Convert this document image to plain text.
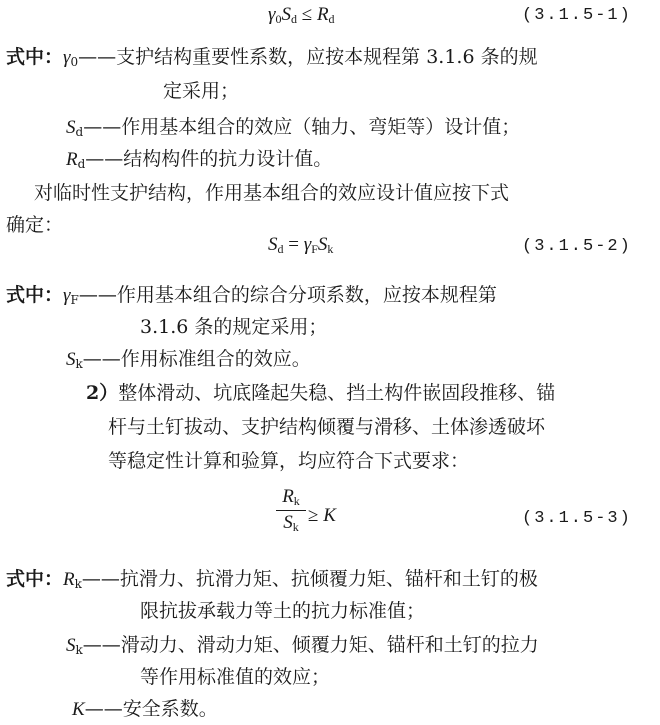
$\gamma_0S_d \le R_d$	(3.1.5-1)
式中：$\gamma_0——$支护结构重要性系数，应按本规程第 3.1.6 条的规
定采用；
$S_d——$作用基本组合的效应（轴力、弯矩等）设计值；
$R_d——$结构构件的抗力设计值。
对临时性支护结构，作用基本组合的效应设计值应按下式
确定：
$S_d = \gamma_FS_k$	(3.1.5-2)
式中：$\gamma_F——$作用基本组合的综合分项系数，应按本规程第
3.1.6 条的规定采用；
$S_k——$作用标准组合的效应。
2）整体滑动、坑底隆起失稳、挡土构件嵌固段推移、锚
杆与土钉拔动、支护结构倾覆与滑移、土体渗透破坏
等稳定性计算和验算，均应符合下式要求：
$R_k$
$S_k$
≥ K	(3.1.5-3)
式中：$R_k——$抗滑力、抗滑力矩、抗倾覆力矩、锚杆和土钉的极
限抗拔承载力等土的抗力标准值；
$S_k——$滑动力、滑动力矩、倾覆力矩、锚杆和土钉的拉力
等作用标准值的效应；
K——安全系数。
